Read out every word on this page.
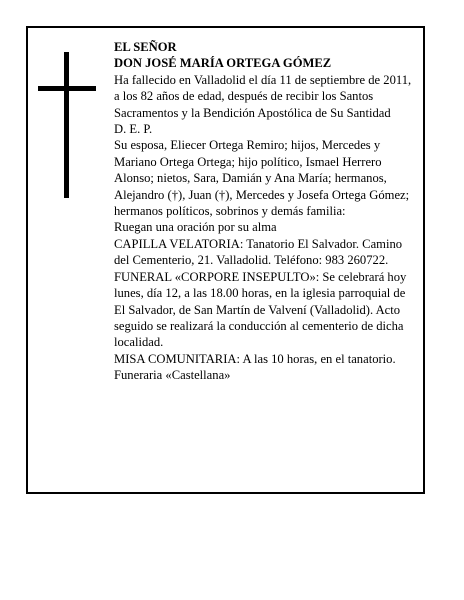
EL SEÑOR

DON JOSÉ MARÍA ORTEGA GÓMEZ

Ha fallecido en Valladolid el día 11 de septiembre de 2011, a los 82 años de edad, después de recibir los Santos Sacramentos y la Bendición Apostólica de Su Santidad

D. E. P.

Su esposa, Eliecer Ortega Remiro; hijos, Mercedes y Mariano Ortega Ortega; hijo político, Ismael Herrero Alonso; nietos, Sara, Damián y Ana María; hermanos, Alejandro (†), Juan (†), Mercedes y Josefa Ortega Gómez; hermanos políticos, sobrinos y demás familia:

Ruegan una oración por su alma

CAPILLA VELATORIA: Tanatorio El Salvador. Camino del Cementerio, 21. Valladolid. Teléfono: 983 260722.

FUNERAL «CORPORE INSEPULTO»: Se celebrará hoy lunes, día 12, a las 18.00 horas, en la iglesia parroquial de El Salvador, de San Martín de Valvení (Valladolid). Acto seguido se realizará la conducción al cementerio de dicha localidad.

MISA COMUNITARIA: A las 10 horas, en el tanatorio.

Funeraria «Castellana»
